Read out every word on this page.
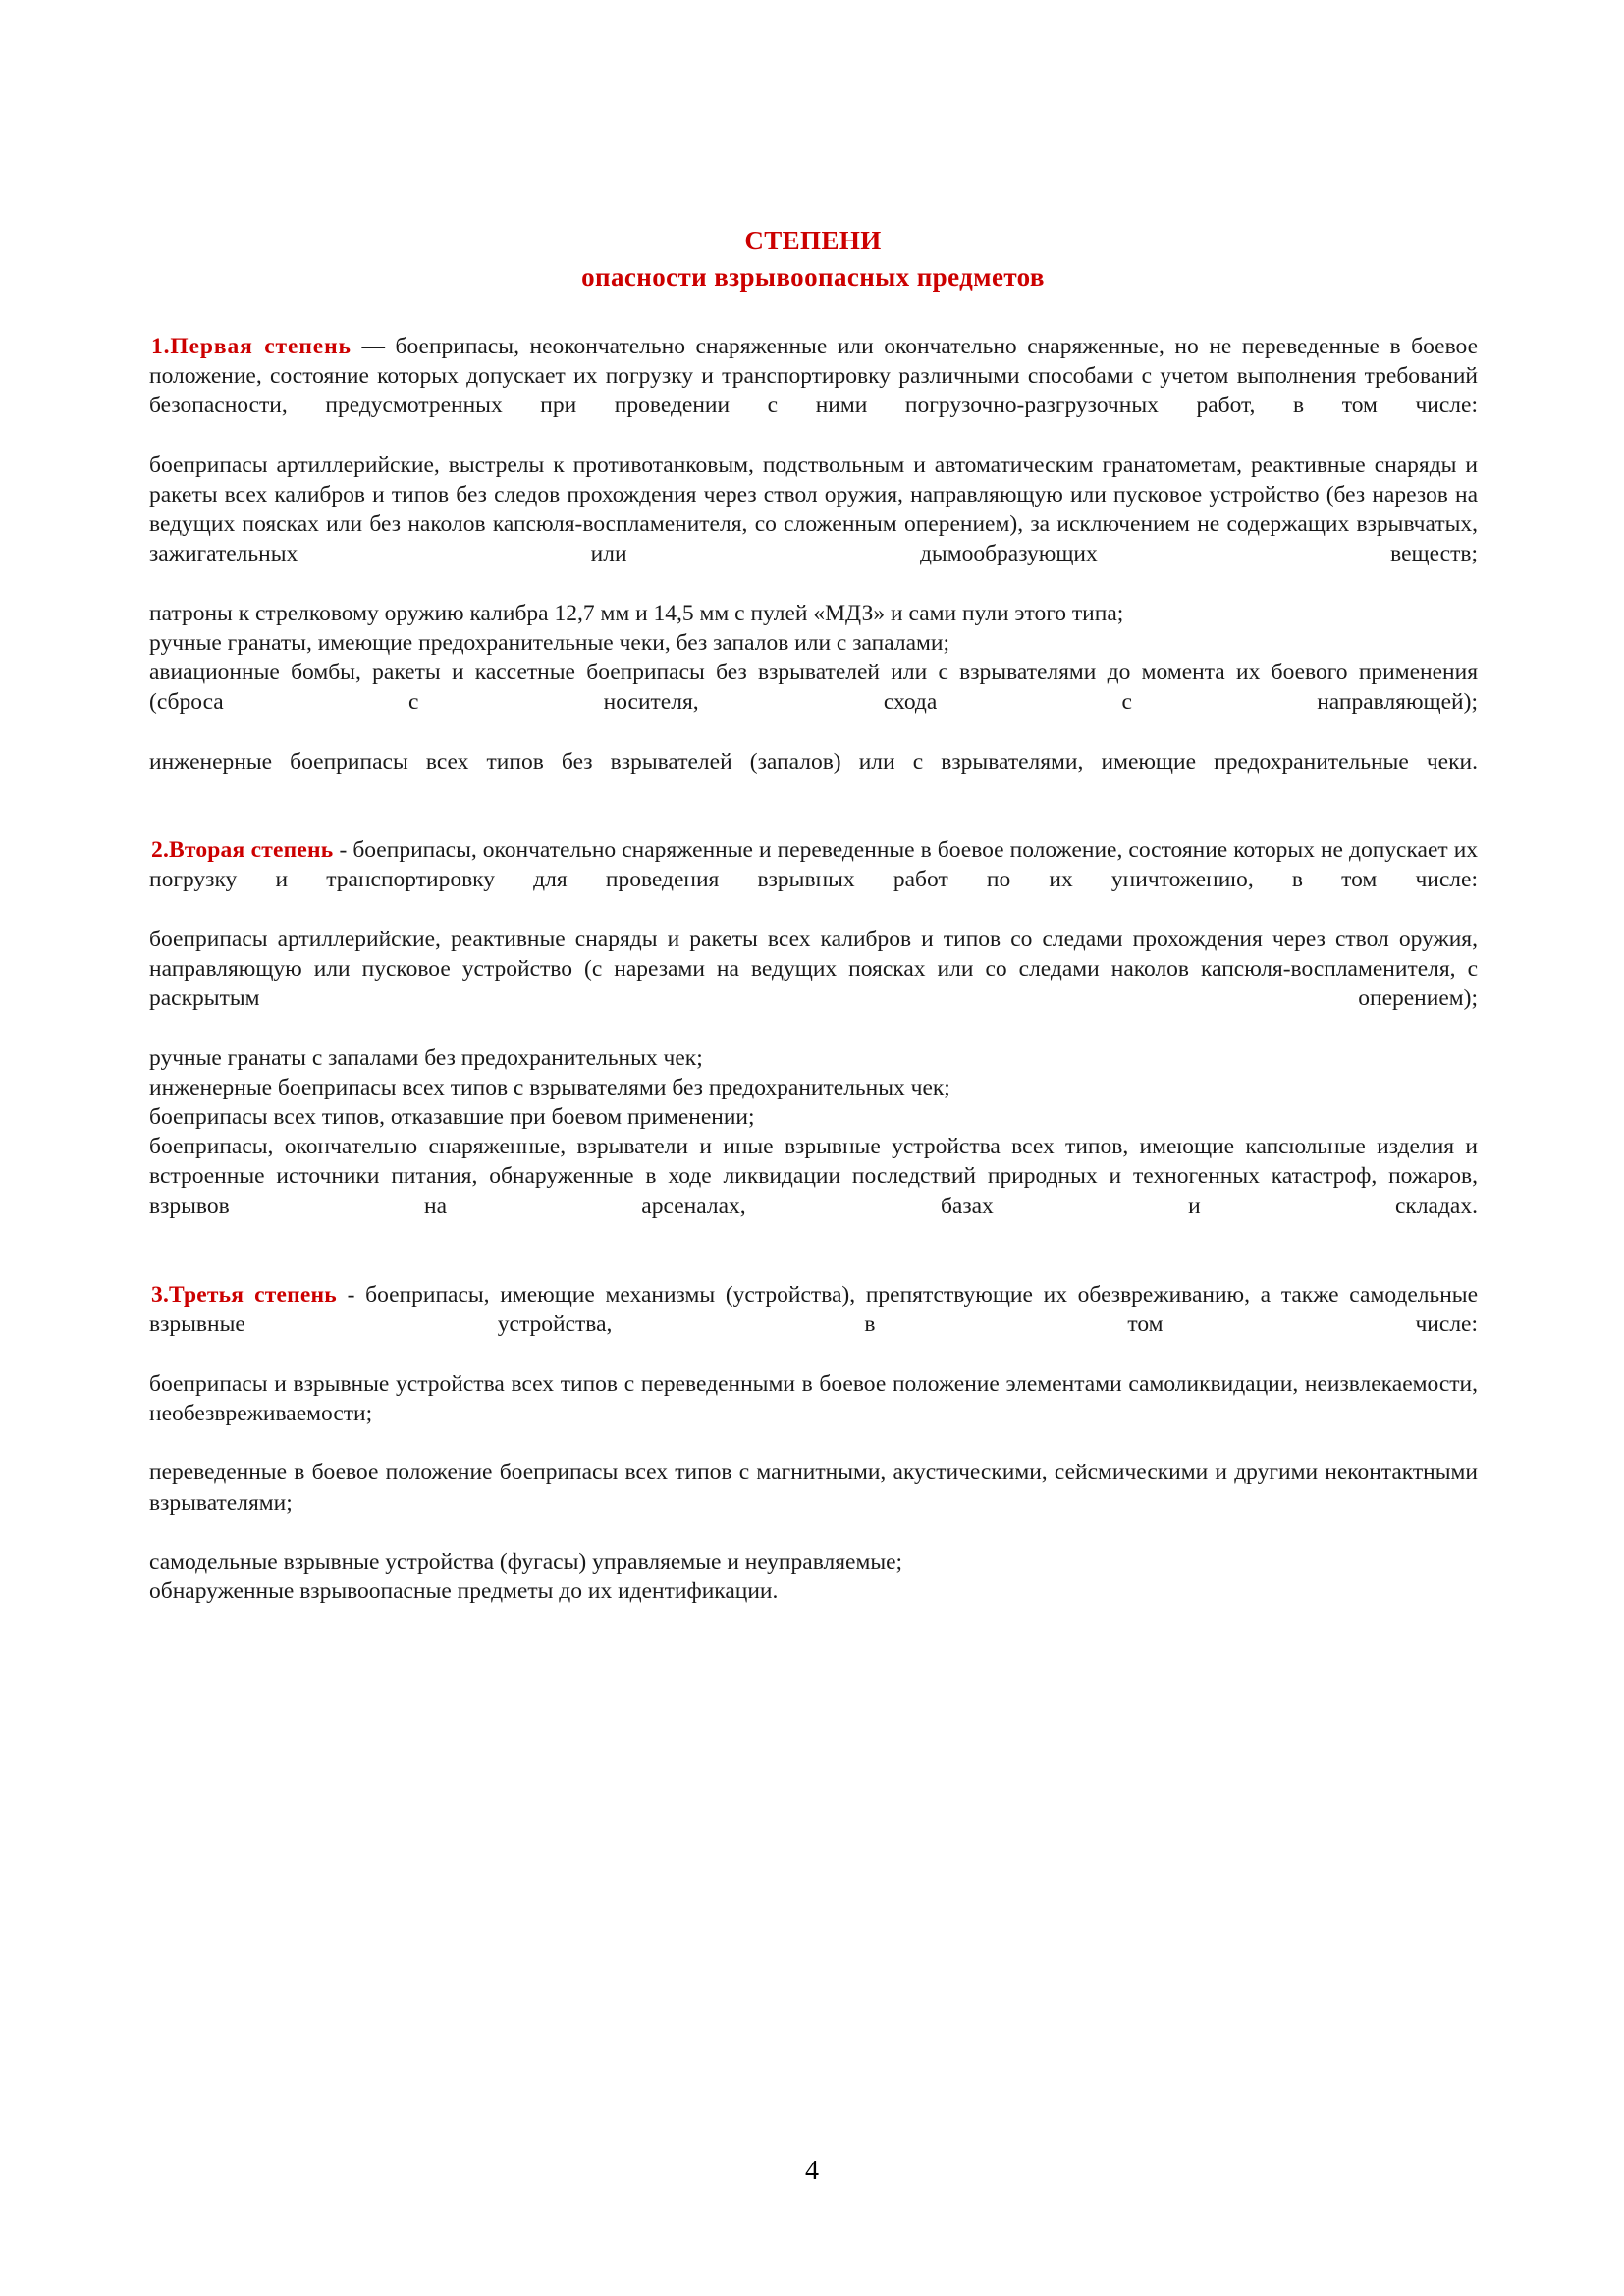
СТЕПЕНИ
опасности взрывоопасных предметов

1.Первая степень — боеприпасы, неокончательно снаряженные или окончательно снаряженные, но не переведенные в боевое положение, состояние которых допускает их погрузку и транспортировку различными способами с учетом выполнения требований безопасности, предусмотренных при проведении с ними погрузочно-разгрузочных работ, в том числе:

боеприпасы артиллерийские, выстрелы к противотанковым, подствольным и автоматическим гранатометам, реактивные снаряды и ракеты всех калибров и типов без следов прохождения через ствол оружия, направляющую или пусковое устройство (без нарезов на ведущих поясках или без наколов капсюля-воспламенителя, со сложенным оперением), за исключением не содержащих взрывчатых, зажигательных или дымообразующих веществ;

патроны к стрелковому оружию калибра 12,7 мм и 14,5 мм с пулей «МДЗ» и сами пули этого типа;

ручные гранаты, имеющие предохранительные чеки, без запалов или с запалами;

авиационные бомбы, ракеты и кассетные боеприпасы без взрывателей или с взрывателями до момента их боевого применения (сброса с носителя, схода с направляющей);

инженерные боеприпасы всех типов без взрывателей (запалов) или с взрывателями, имеющие предохранительные чеки.

2.Вторая степень - боеприпасы, окончательно снаряженные и переведенные в боевое положение, состояние которых не допускает их погрузку и транспортировку для проведения взрывных работ по их уничтожению, в том числе:

боеприпасы артиллерийские, реактивные снаряды и ракеты всех калибров и типов со следами прохождения через ствол оружия, направляющую или пусковое устройство (с нарезами на ведущих поясках или со следами наколов капсюля-воспламенителя, с раскрытым оперением);

ручные гранаты с запалами без предохранительных чек;

инженерные боеприпасы всех типов с взрывателями без предохранительных чек;

боеприпасы всех типов, отказавшие при боевом применении;

боеприпасы, окончательно снаряженные, взрыватели и иные взрывные устройства всех типов, имеющие капсюльные изделия и встроенные источники питания, обнаруженные в ходе ликвидации последствий природных и техногенных катастроф, пожаров, взрывов на арсеналах, базах и складах.

3.Третья степень - боеприпасы, имеющие механизмы (устройства), препятствующие их обезвреживанию, а также самодельные взрывные устройства, в том числе:

боеприпасы и взрывные устройства всех типов с переведенными в боевое положение элементами самоликвидации, неизвлекаемости, необезвреживаемости;

переведенные в боевое положение боеприпасы всех типов с магнитными, акустическими, сейсмическими и другими неконтактными взрывателями;

самодельные взрывные устройства (фугасы) управляемые и неуправляемые;

обнаруженные взрывоопасные предметы до их идентификации.

4
